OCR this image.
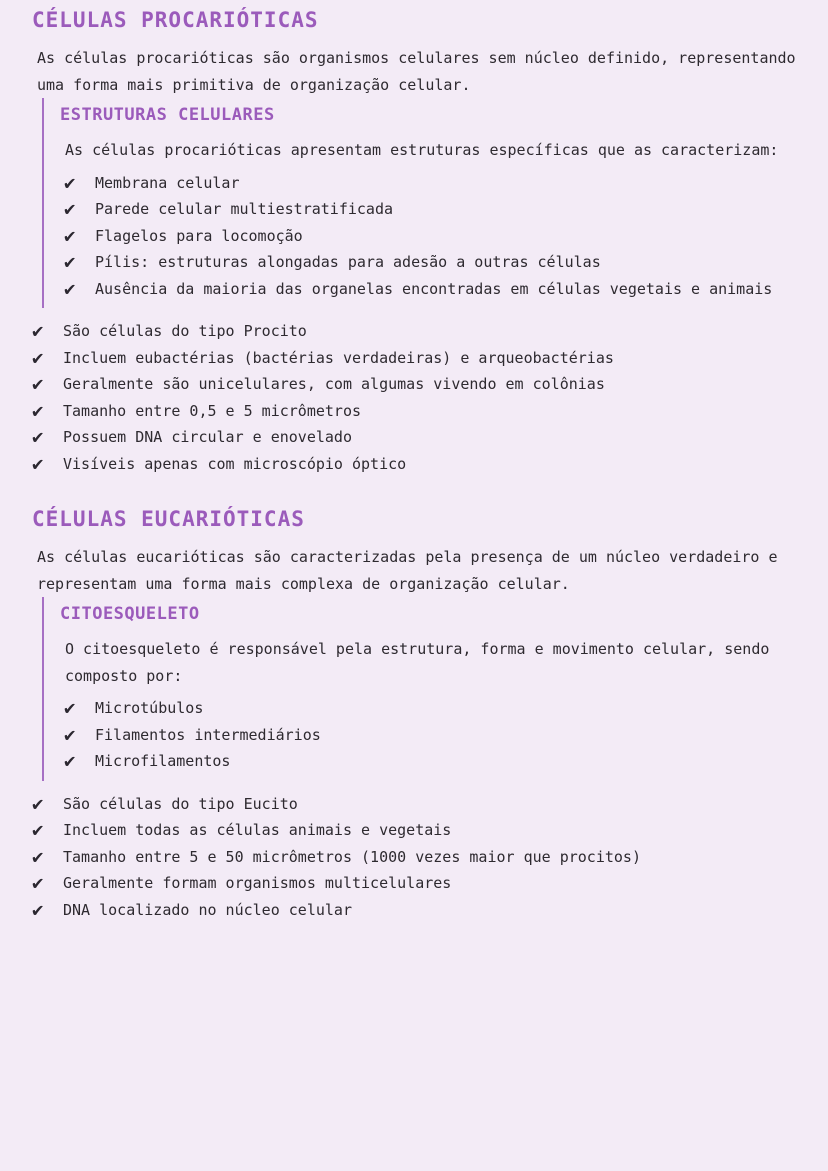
CÉLULAS PROCARIÓTICAS

As células procarióticas são organismos celulares sem núcleo definido, representando uma forma mais primitiva de organização celular.

ESTRUTURAS CELULARES

As células procarióticas apresentam estruturas específicas que as caracterizam:

✔	Membrana celular
✔	Parede celular multiestratificada
✔	Flagelos para locomoção
✔	Pílis: estruturas alongadas para adesão a outras células
✔	Ausência da maioria das organelas encontradas em células vegetais e animais
✔	São células do tipo Procito
✔	Incluem eubactérias (bactérias verdadeiras) e arqueobactérias
✔	Geralmente são unicelulares, com algumas vivendo em colônias
✔	Tamanho entre 0,5 e 5 micrômetros
✔	Possuem DNA circular e enovelado
✔	Visíveis apenas com microscópio óptico
CÉLULAS EUCARIÓTICAS

As células eucarióticas são caracterizadas pela presença de um núcleo verdadeiro e representam uma forma mais complexa de organização celular.

CITOESQUELETO

O citoesqueleto é responsável pela estrutura, forma e movimento celular, sendo composto por:

✔	Microtúbulos
✔	Filamentos intermediários
✔	Microfilamentos
✔	São células do tipo Eucito
✔	Incluem todas as células animais e vegetais
✔	Tamanho entre 5 e 50 micrômetros (1000 vezes maior que procitos)
✔	Geralmente formam organismos multicelulares
✔	DNA localizado no núcleo celular
